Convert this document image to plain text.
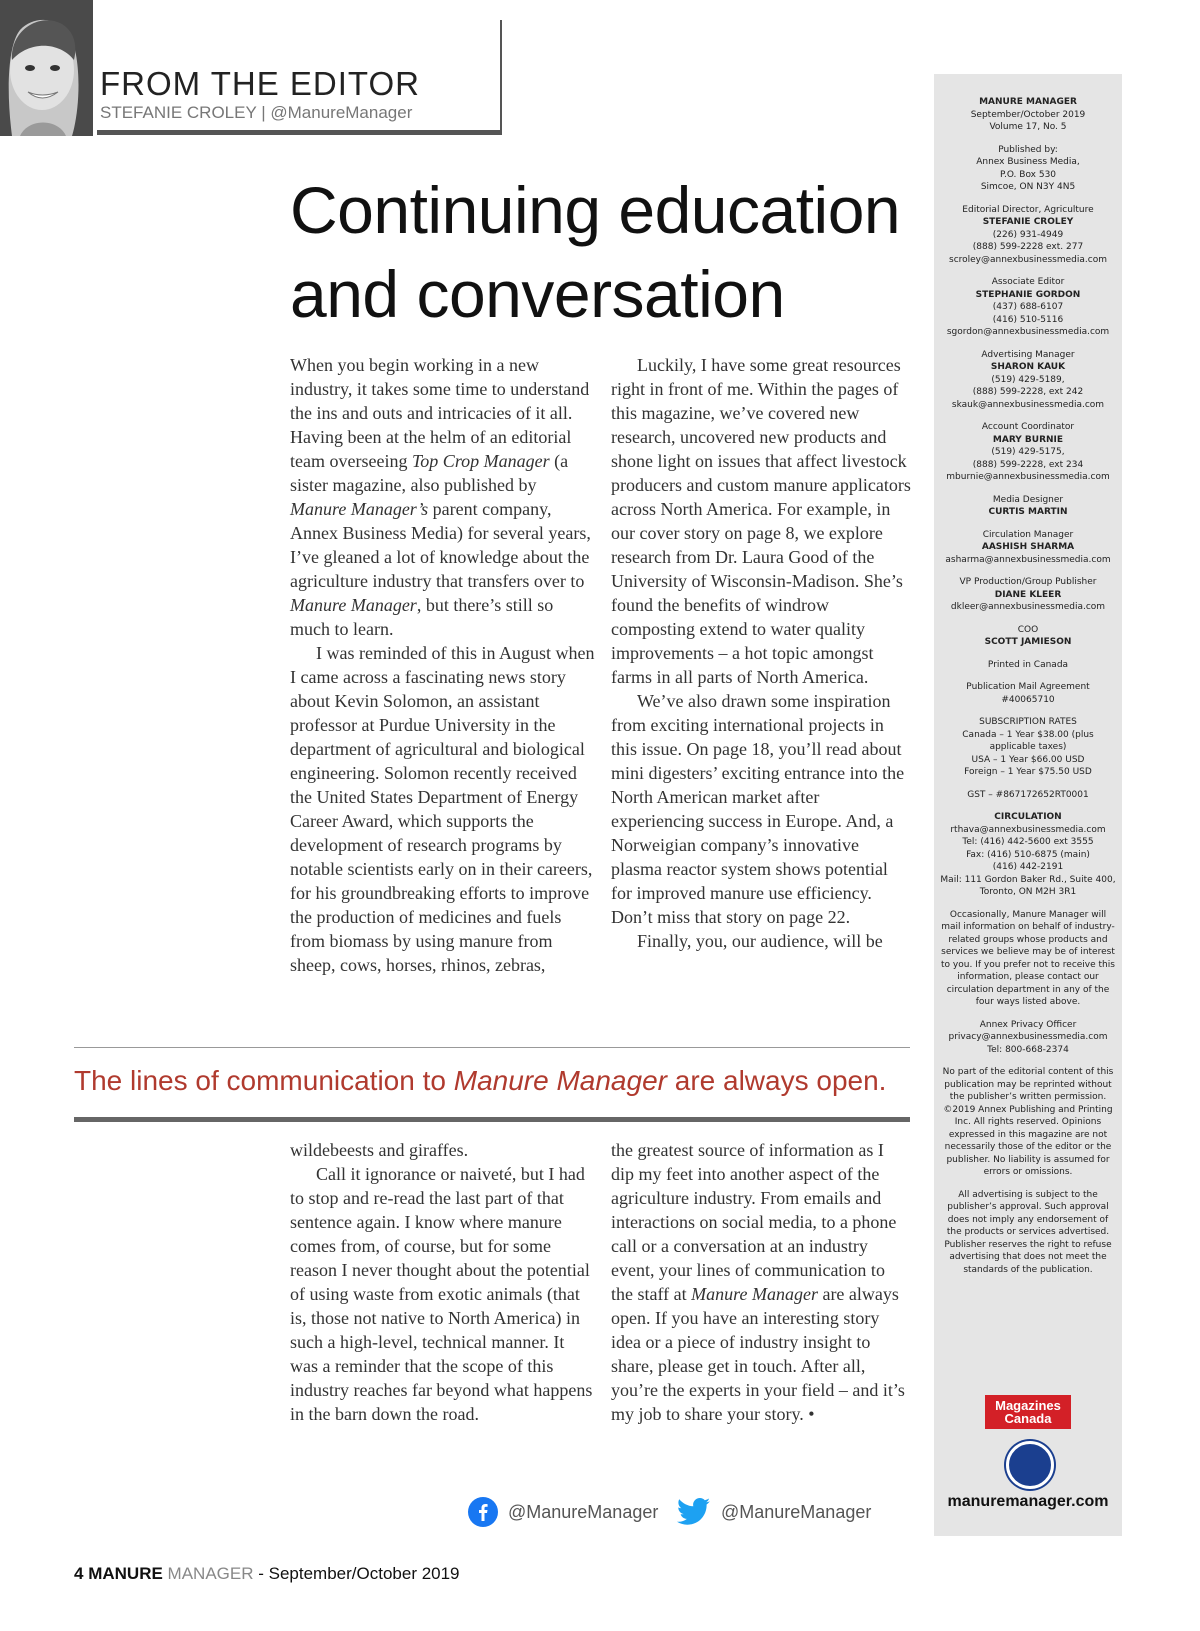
FROM THE EDITOR
STEFANIE CROLEY | @ManureManager
Continuing education and conversation

When you begin working in a new industry, it takes some time to understand the ins and outs and intricacies of it all. Having been at the helm of an editorial team overseeing Top Crop Manager (a sister magazine, also published by Manure Manager’s parent company, Annex Business Media) for several years, I’ve gleaned a lot of knowledge about the agriculture industry that transfers over to Manure Manager, but there’s still so much to learn.

I was reminded of this in August when I came across a fascinating news story about Kevin Solomon, an assistant professor at Purdue University in the department of agricultural and biological engineering. Solomon recently received the United States Department of Energy Career Award, which supports the development of research programs by notable scientists early on in their careers, for his groundbreaking efforts to improve the production of medicines and fuels from biomass by using manure from sheep, cows, horses, rhinos, zebras,

Luckily, I have some great resources right in front of me. Within the pages of this magazine, we’ve covered new research, uncovered new products and shone light on issues that affect livestock producers and custom manure applicators across North America. For example, in our cover story on page 8, we explore research from Dr. Laura Good of the University of Wisconsin-Madison. She’s found the benefits of windrow composting extend to water quality improvements – a hot topic amongst farms in all parts of North America.

We’ve also drawn some inspiration from exciting international projects in this issue. On page 18, you’ll read about mini digesters’ exciting entrance into the North American market after experiencing success in Europe. And, a Norweigian company’s innovative plasma reactor system shows potential for improved manure use efficiency. Don’t miss that story on page 22.

Finally, you, our audience, will be

The lines of communication to Manure Manager are always open.

wildebeests and giraffes.

Call it ignorance or naiveté, but I had to stop and re-read the last part of that sentence again. I know where manure comes from, of course, but for some reason I never thought about the potential of using waste from exotic animals (that is, those not native to North America) in such a high-level, technical manner. It was a reminder that the scope of this industry reaches far beyond what happens in the barn down the road.

the greatest source of information as I dip my feet into another aspect of the agriculture industry. From emails and interactions on social media, to a phone call or a conversation at an industry event, your lines of communication to the staff at Manure Manager are always open. If you have an interesting story idea or a piece of industry insight to share, please get in touch. After all, you’re the experts in your field – and it’s my job to share your story. •

MANURE MANAGER
September/October 2019
Volume 17, No. 5
Published by:
Annex Business Media,
P.O. Box 530
Simcoe, ON N3Y 4N5
Editorial Director, Agriculture
STEFANIE CROLEY
(226) 931-4949
(888) 599-2228 ext. 277
scroley@annexbusinessmedia.com
Associate Editor
STEPHANIE GORDON
(437) 688-6107
(416) 510-5116
sgordon@annexbusinessmedia.com
Advertising Manager
SHARON KAUK
(519) 429-5189,
(888) 599-2228, ext 242
skauk@annexbusinessmedia.com
Account Coordinator
MARY BURNIE
(519) 429-5175,
(888) 599-2228, ext 234
mburnie@annexbusinessmedia.com
Media Designer
CURTIS MARTIN
Circulation Manager
AASHISH SHARMA
asharma@annexbusinessmedia.com
VP Production/Group Publisher
DIANE KLEER
dkleer@annexbusinessmedia.com
COO
SCOTT JAMIESON
Printed in Canada
Publication Mail Agreement
#40065710
SUBSCRIPTION RATES
Canada – 1 Year $38.00 (plus applicable taxes)
USA – 1 Year $66.00 USD
Foreign – 1 Year $75.50 USD
GST – #867172652RT0001
CIRCULATION
rthava@annexbusinessmedia.com
Tel: (416) 442-5600 ext 3555
Fax: (416) 510-6875 (main)
(416) 442-2191
Mail: 111 Gordon Baker Rd., Suite 400, Toronto, ON M2H 3R1
Occasionally, Manure Manager will mail information on behalf of industry-related groups whose products and services we believe may be of interest to you. If you prefer not to receive this information, please contact our circulation department in any of the four ways listed above.
Annex Privacy Officer
privacy@annexbusinessmedia.com
Tel: 800-668-2374
No part of the editorial content of this publication may be reprinted without the publisher’s written permission. ©2019 Annex Publishing and Printing Inc. All rights reserved. Opinions expressed in this magazine are not necessarily those of the editor or the publisher. No liability is assumed for errors or omissions.
All advertising is subject to the publisher’s approval. Such approval does not imply any endorsement of the products or services advertised. Publisher reserves the right to refuse advertising that does not meet the standards of the publication.
Magazines
Canada
manuremanager.com
@ManureManager	@ManureManager
4 MANURE MANAGER - September/October 2019
